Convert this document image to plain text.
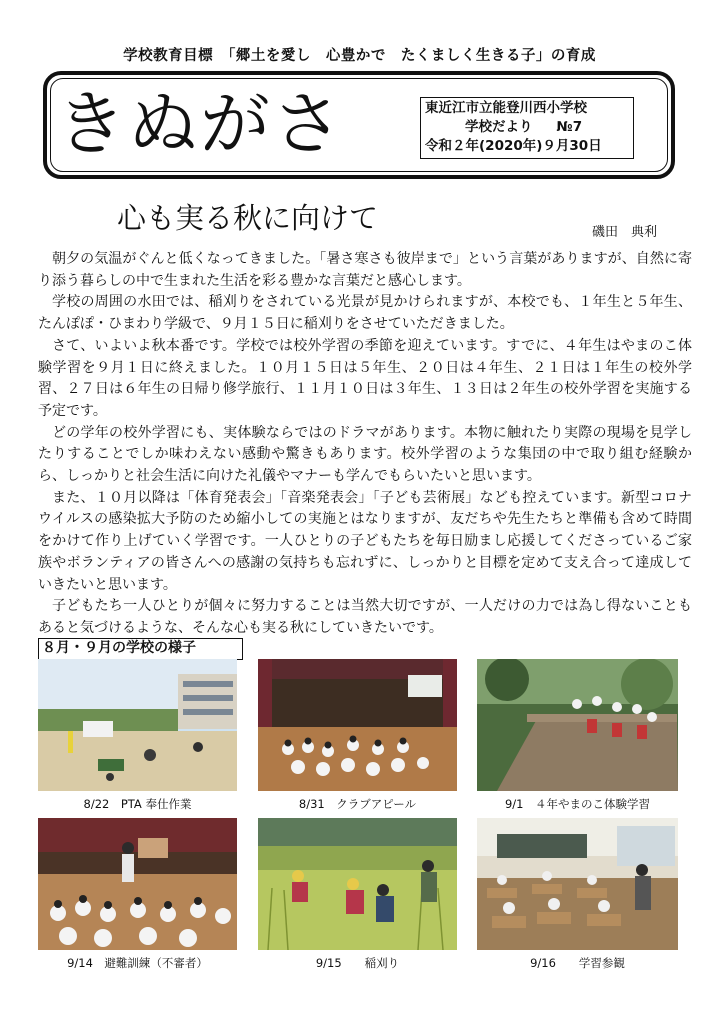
学校教育目標　「郷土を愛し　心豊かで　たくましく生きる子」の育成
きぬがさ	東近江市立能登川西小学校
学校だより №7
令和２年(2020年)９月30日
心も実る秋に向けて	磯田　典利

朝夕の気温がぐんと低くなってきました。「暑さ寒さも彼岸まで」という言葉がありますが、自然に寄り添う暮らしの中で生まれた生活を彩る豊かな言葉だと感心します。

学校の周囲の水田では、稲刈りをされている光景が見かけられますが、本校でも、１年生と５年生、たんぽぽ・ひまわり学級で、９月１５日に稲刈りをさせていただきました。

さて、いよいよ秋本番です。学校では校外学習の季節を迎えています。すでに、４年生はやまのこ体験学習を９月１日に終えました。１０月１５日は５年生、２０日は４年生、２１日は１年生の校外学習、２７日は６年生の日帰り修学旅行、１１月１０日は３年生、１３日は２年生の校外学習を実施する予定です。

どの学年の校外学習にも、実体験ならではのドラマがあります。本物に触れたり実際の現場を見学したりすることでしか味わえない感動や驚きもあります。校外学習のような集団の中で取り組む経験から、しっかりと社会生活に向けた礼儀やマナーも学んでもらいたいと思います。

また、１０月以降は「体育発表会」「音楽発表会」「子ども芸術展」なども控えています。新型コロナウイルスの感染拡大予防のため縮小しての実施とはなりますが、友だちや先生たちと準備も含めて時間をかけて作り上げていく学習です。一人ひとりの子どもたちを毎日励まし応援してくださっているご家族やボランティアの皆さんへの感謝の気持ちも忘れずに、しっかりと目標を定めて支え合って達成していきたいと思います。

子どもたち一人ひとりが個々に努力することは当然大切ですが、一人だけの力では為し得ないこともあると気づけるような、そんな心も実る秋にしていきたいです。

８月・９月の学校の様子
8/22　PTA 奉仕作業	8/31　クラブアピール	9/1　４年やまのこ体験学習
9/14　避難訓練（不審者）	9/15　　稲刈り	9/16　　学習参観
